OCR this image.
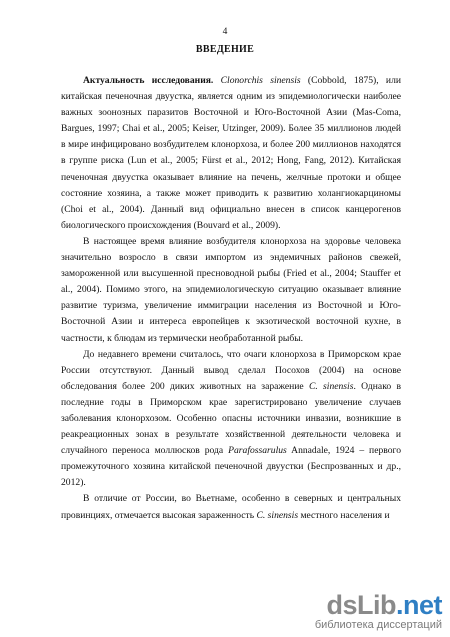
4
ВВЕДЕНИЕ

Актуальность исследования. Clonorchis sinensis (Cobbold, 1875), или китайская печеночная двуустка, является одним из эпидемиологически наиболее важных зоонозных паразитов Восточной и Юго-Восточной Азии (Mas-Coma, Bargues, 1997; Chai et al., 2005; Keiser, Utzinger, 2009). Более 35 миллионов людей в мире инфицировано возбудителем клонорхоза, и более 200 миллионов находятся в группе риска (Lun et al., 2005; Fürst et al., 2012; Hong, Fang, 2012). Китайская печеночная двуустка оказывает влияние на печень, желчные протоки и общее состояние хозяина, а также может приводить к развитию холангиокарциномы (Choi et al., 2004). Данный вид официально внесен в список канцерогенов биологического происхождения (Bouvard et al., 2009).

В настоящее время влияние возбудителя клонорхоза на здоровье человека значительно возросло в связи импортом из эндемичных районов свежей, замороженной или высушенной пресноводной рыбы (Fried et al., 2004; Stauffer et al., 2004). Помимо этого, на эпидемиологическую ситуацию оказывает влияние развитие туризма, увеличение иммиграции населения из Восточной и Юго-Восточной Азии и интереса европейцев к экзотической восточной кухне, в частности, к блюдам из термически необработанной рыбы.

До недавнего времени считалось, что очаги клонорхоза в Приморском крае России отсутствуют. Данный вывод сделал Посохов (2004) на основе обследования более 200 диких животных на заражение C. sinensis. Однако в последние годы в Приморском крае зарегистрировано увеличение случаев заболевания клонорхозом. Особенно опасны источники инвазии, возникшие в реакреационных зонах в результате хозяйственной деятельности человека и случайного переноса моллюсков рода Parafossarulus Annadale, 1924 – первого промежуточного хозяина китайской печеночной двуустки (Беспрозванных и др., 2012).

В отличие от России, во Вьетнаме, особенно в северных и центральных провинциях, отмечается высокая зараженность C. sinensis местного населения и

dsLib.net
библиотека диссертаций
